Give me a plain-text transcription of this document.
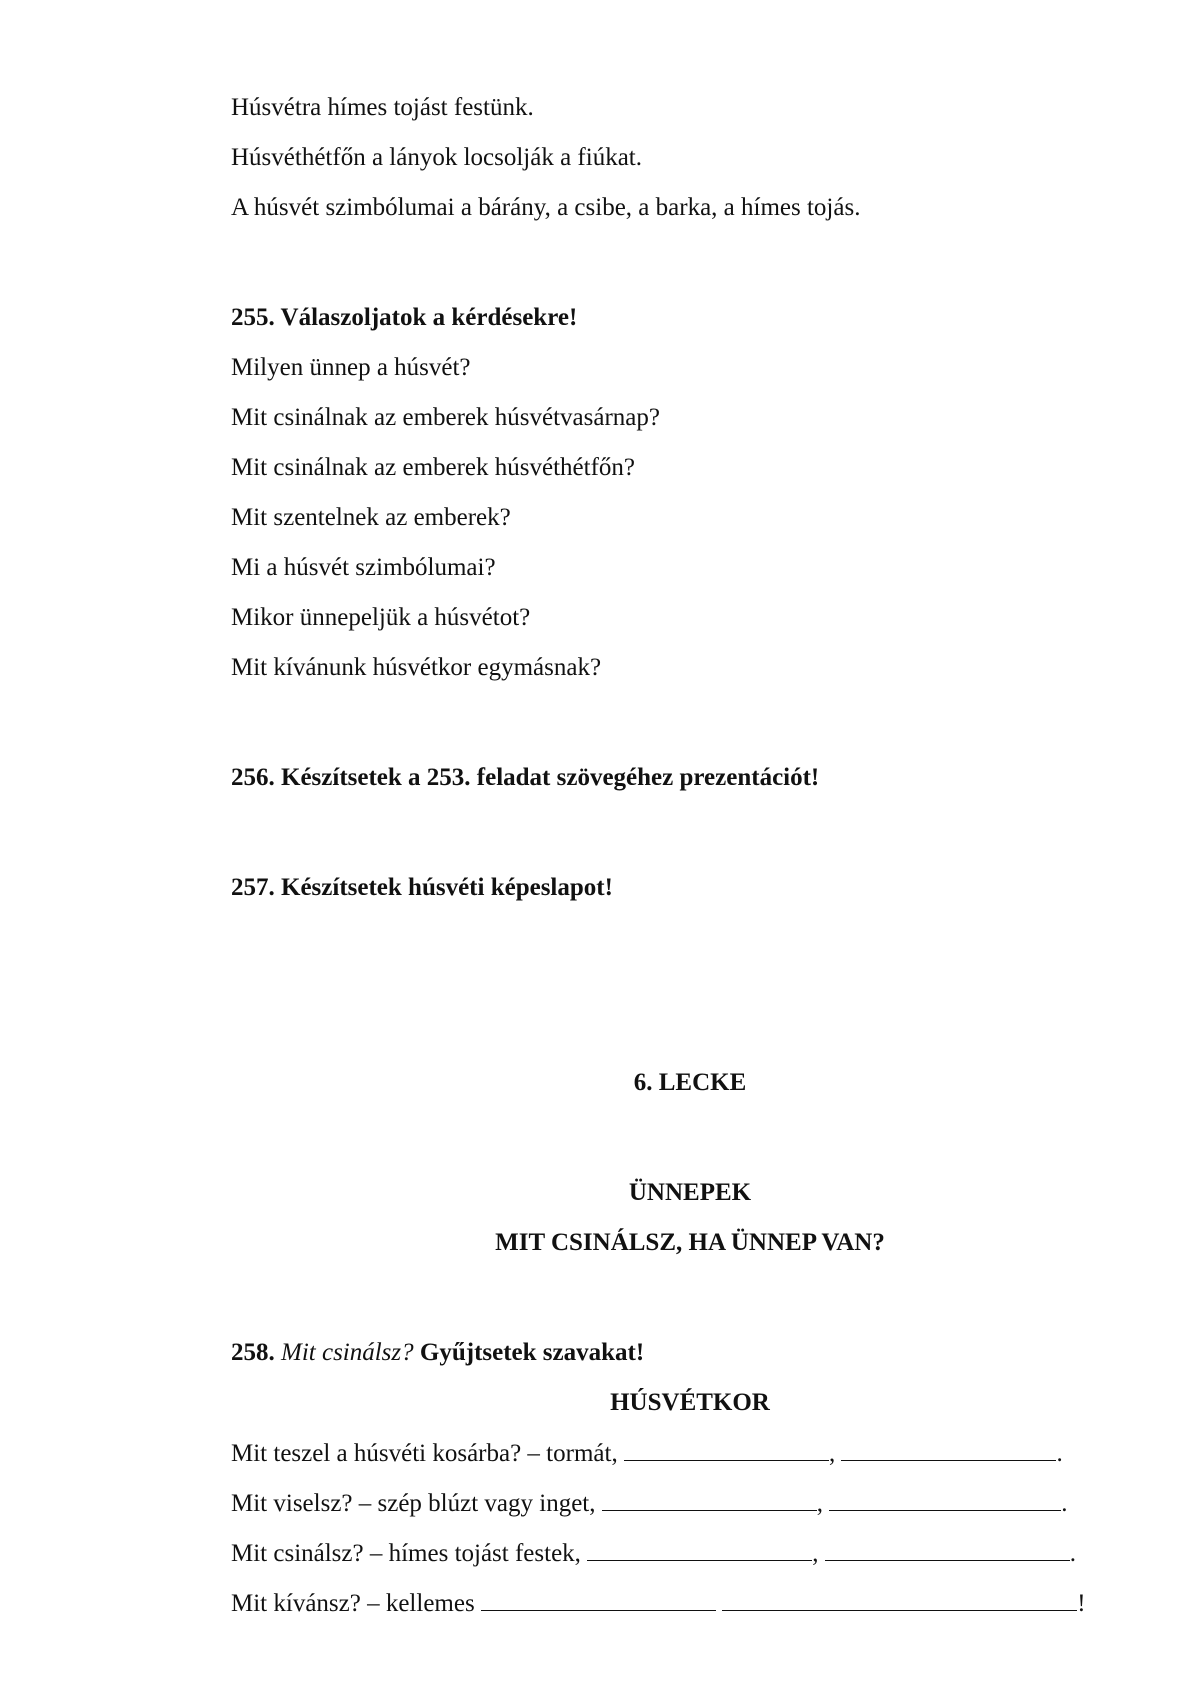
Húsvétra hímes tojást festünk.
Húsvéthétfőn a lányok locsolják a fiúkat.
A húsvét szimbólumai a bárány, a csibe, a barka, a hímes tojás.
255. Válaszoljatok a kérdésekre!
Milyen ünnep a húsvét?
Mit csinálnak az emberek húsvétvasárnap?
Mit csinálnak az emberek húsvéthétfőn?
Mit szentelnek az emberek?
Mi a húsvét szimbólumai?
Mikor ünnepeljük a húsvétot?
Mit kívánunk húsvétkor egymásnak?
256. Készítsetek a 253. feladat szövegéhez prezentációt!
257. Készítsetek húsvéti képeslapot!
6. LECKE
ÜNNEPEK
MIT CSINÁLSZ, HA ÜNNEP VAN?
258. Mit csinálsz? Gyűjtsetek szavakat!
HÚSVÉTKOR
Mit teszel a húsvéti kosárba? – tormát,	,	.
Mit viselsz? – szép blúzt vagy inget,	,	.
Mit csinálsz? – hímes tojást festek,	,	.
Mit kívánsz? – kellemes	!
